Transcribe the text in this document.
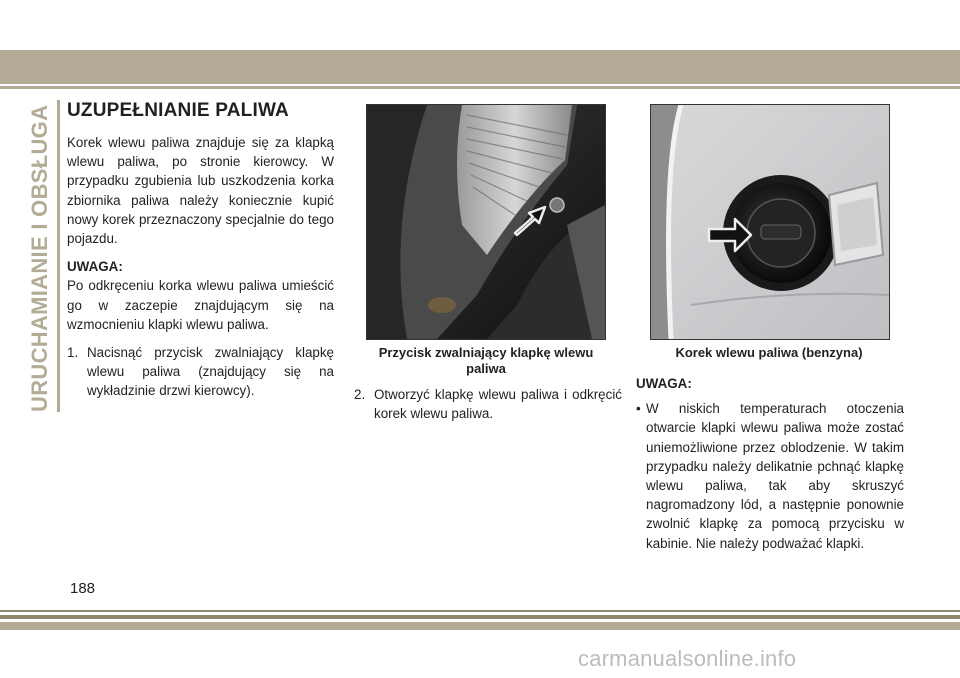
URUCHAMIANIE I OBSŁUGA UZUPEŁNIANIE PALIWA

Korek wlewu paliwa znajduje się za klapką wlewu paliwa, po stronie kierowcy. W przypadku zgubienia lub uszkodzenia korka zbiornika paliwa należy koniecznie kupić nowy korek przeznaczony specjalnie do tego pojazdu.

UWAGA:

Po odkręceniu korka wlewu paliwa umieścić go w zaczepie znajdującym się na wzmocnieniu klapki wlewu paliwa.

1. Nacisnąć przycisk zwalniający klapkę wlewu paliwa (znajdujący się na wykładzinie drzwi kierowcy).
Przycisk zwalniający klapkę wlewu paliwa
Korek wlewu paliwa (benzyna)
2. Otworzyć klapkę wlewu paliwa i odkręcić korek wlewu paliwa.

UWAGA:

• W niskich temperaturach otoczenia otwarcie klapki wlewu paliwa może zostać uniemożliwione przez oblodzenie. W takim przypadku należy delikatnie pchnąć klapkę wlewu paliwa, tak aby skruszyć nagromadzony lód, a następnie ponownie zwolnić klapkę za pomocą przycisku w kabinie. Nie należy podważać klapki.
188
carmanualsonline.info
